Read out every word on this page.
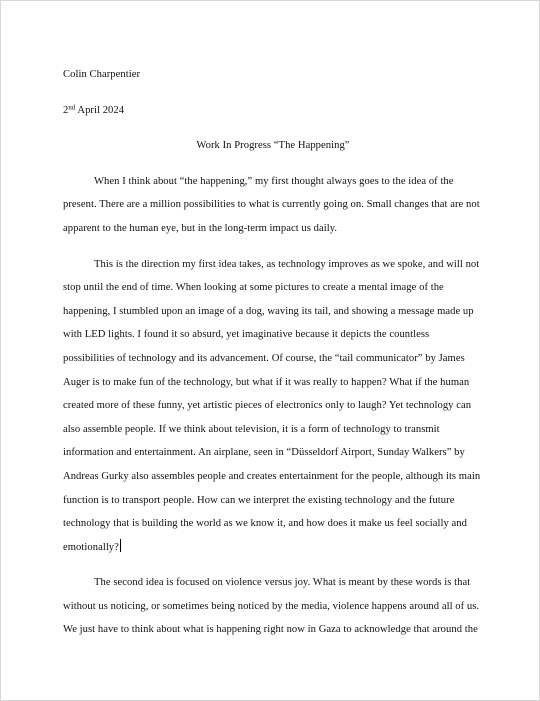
Colin Charpentier
2nd April 2024
Work In Progress “The Happening”

When I think about “the happening,” my first thought always goes to the idea of the present. There are a million possibilities to what is currently going on. Small changes that are not apparent to the human eye, but in the long-term impact us daily.

This is the direction my first idea takes, as technology improves as we spoke, and will not stop until the end of time. When looking at some pictures to create a mental image of the happening, I stumbled upon an image of a dog, waving its tail, and showing a message made up with LED lights. I found it so absurd, yet imaginative because it depicts the countless possibilities of technology and its advancement. Of course, the “tail communicator” by James Auger is to make fun of the technology, but what if it was really to happen? What if the human created more of these funny, yet artistic pieces of electronics only to laugh? Yet technology can also assemble people. If we think about television, it is a form of technology to transmit information and entertainment. An airplane, seen in “Düsseldorf Airport, Sunday Walkers” by Andreas Gurky also assembles people and creates entertainment for the people, although its main function is to transport people. How can we interpret the existing technology and the future technology that is building the world as we know it, and how does it make us feel socially and emotionally?

The second idea is focused on violence versus joy. What is meant by these words is that without us noticing, or sometimes being noticed by the media, violence happens around all of us. We just have to think about what is happening right now in Gaza to acknowledge that around the
